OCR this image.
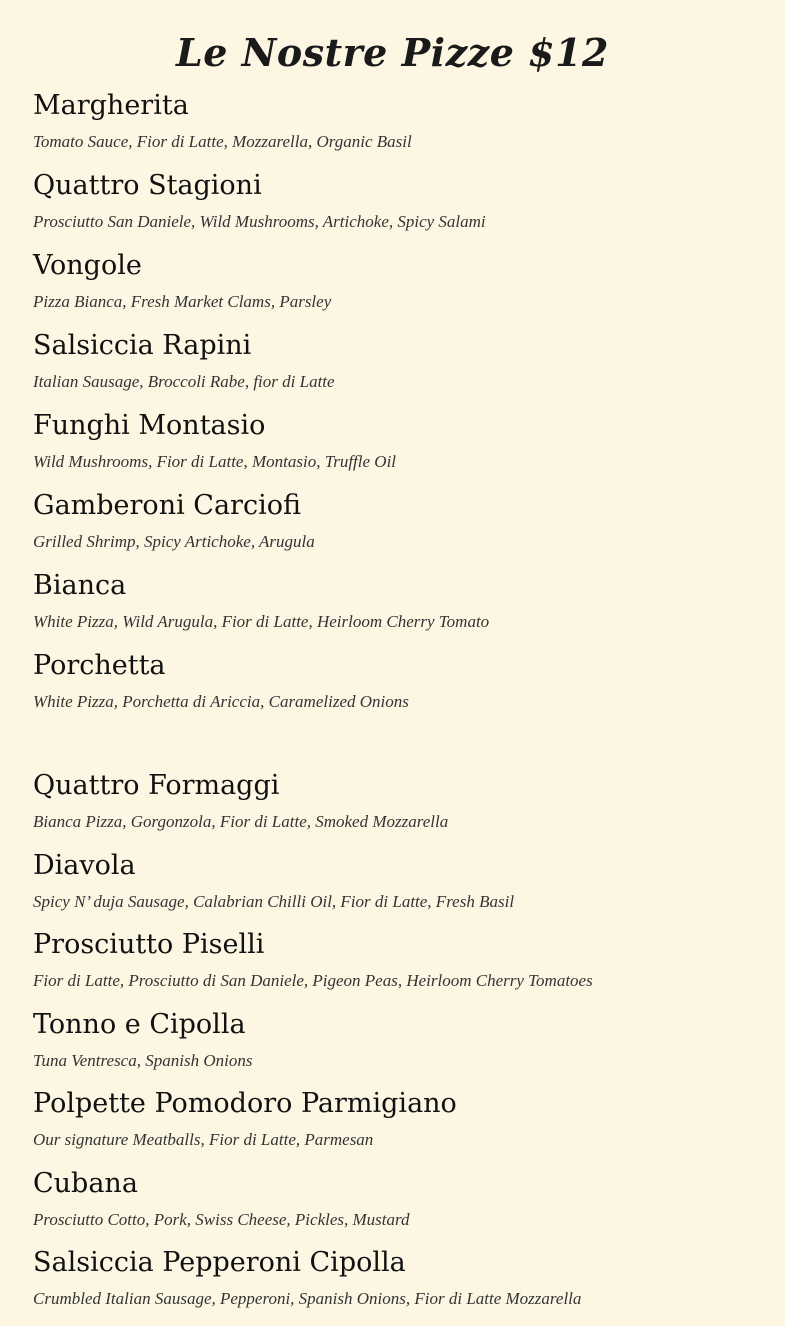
Le Nostre Pizze $12
Margherita
Tomato Sauce, Fior di Latte, Mozzarella, Organic Basil
Quattro Stagioni
Prosciutto San Daniele, Wild Mushrooms, Artichoke, Spicy Salami
Vongole
Pizza Bianca, Fresh Market Clams, Parsley
Salsiccia Rapini
Italian Sausage, Broccoli Rabe, fior di Latte
Funghi Montasio
Wild Mushrooms, Fior di Latte, Montasio, Truffle Oil
Gamberoni Carciofi
Grilled Shrimp, Spicy Artichoke, Arugula
Bianca
White Pizza, Wild Arugula, Fior di Latte, Heirloom Cherry Tomato
Porchetta
White Pizza, Porchetta di Ariccia, Caramelized Onions
Quattro Formaggi
Bianca Pizza, Gorgonzola, Fior di Latte, Smoked Mozzarella
Diavola
Spicy N’ duja Sausage, Calabrian Chilli Oil, Fior di Latte, Fresh Basil
Prosciutto Piselli
Fior di Latte, Prosciutto di San Daniele, Pigeon Peas, Heirloom Cherry Tomatoes
Tonno e Cipolla
Tuna Ventresca, Spanish Onions
Polpette Pomodoro Parmigiano
Our signature Meatballs, Fior di Latte, Parmesan
Cubana
Prosciutto Cotto, Pork, Swiss Cheese, Pickles, Mustard
Salsiccia Pepperoni Cipolla
Crumbled Italian Sausage, Pepperoni, Spanish Onions, Fior di Latte Mozzarella
